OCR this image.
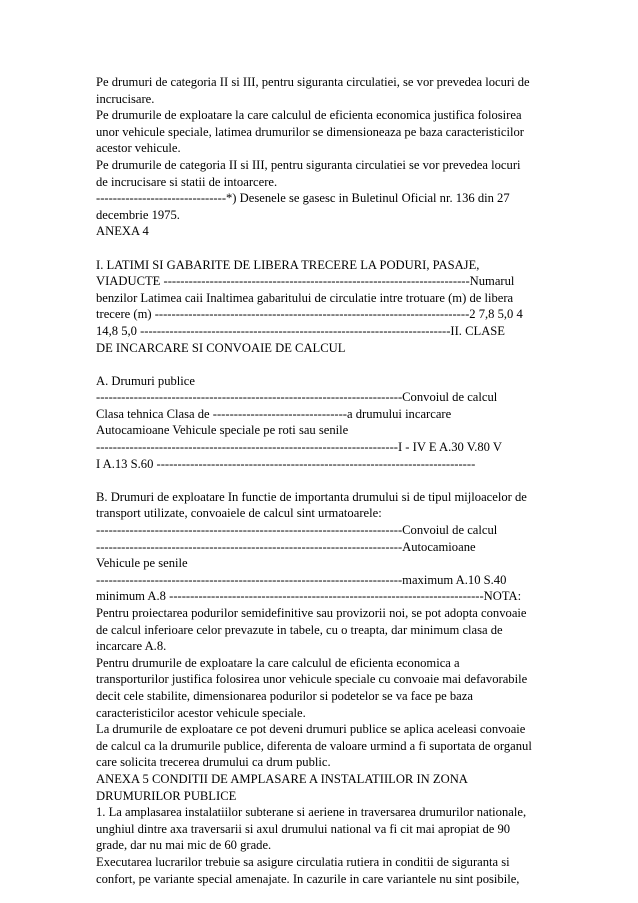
Pe drumuri de categoria II si III, pentru siguranta circulatiei, se vor prevedea locuri de
incrucisare.
Pe drumurile de exploatare la care calculul de eficienta economica justifica folosirea
unor vehicule speciale, latimea drumurilor se dimensioneaza pe baza caracteristicilor
acestor vehicule.
Pe drumurile de categoria II si III, pentru siguranta circulatiei se vor prevedea locuri
de incrucisare si statii de intoarcere.
-------------------------------*) Desenele se gasesc in Buletinul Oficial nr. 136 din 27
decembrie 1975.
ANEXA 4
I. LATIMI SI GABARITE DE LIBERA TRECERE LA PODURI, PASAJE,
VIADUCTE -------------------------------------------------------------------------Numarul
benzilor Latimea caii Inaltimea gabaritului de circulatie intre trotuare (m) de libera
trecere (m) ---------------------------------------------------------------------------2 7,8 5,0 4
14,8 5,0 --------------------------------------------------------------------------II. CLASE
DE INCARCARE SI CONVOAIE DE CALCUL
A. Drumuri publice
-------------------------------------------------------------------------Convoiul de calcul
Clasa tehnica Clasa de --------------------------------a drumului incarcare
Autocamioane Vehicule speciale pe roti sau senile
------------------------------------------------------------------------I - IV E A.30 V.80 V
I A.13 S.60 ----------------------------------------------------------------------------
B. Drumuri de exploatare In functie de importanta drumului si de tipul mijloacelor de
transport utilizate, convoaiele de calcul sint urmatoarele:
-------------------------------------------------------------------------Convoiul de calcul
-------------------------------------------------------------------------Autocamioane
Vehicule pe senile
-------------------------------------------------------------------------maximum A.10 S.40
minimum A.8 ---------------------------------------------------------------------------NOTA:
Pentru proiectarea podurilor semidefinitive sau provizorii noi, se pot adopta convoaie
de calcul inferioare celor prevazute in tabele, cu o treapta, dar minimum clasa de
incarcare A.8.
Pentru drumurile de exploatare la care calculul de eficienta economica a
transporturilor justifica folosirea unor vehicule speciale cu convoaie mai defavorabile
decit cele stabilite, dimensionarea podurilor si podetelor se va face pe baza
caracteristicilor acestor vehicule speciale.
La drumurile de exploatare ce pot deveni drumuri publice se aplica aceleasi convoaie
de calcul ca la drumurile publice, diferenta de valoare urmind a fi suportata de organul
care solicita trecerea drumului ca drum public.
ANEXA 5 CONDITII DE AMPLASARE A INSTALATIILOR IN ZONA
DRUMURILOR PUBLICE
1. La amplasarea instalatiilor subterane si aeriene in traversarea drumurilor nationale,
unghiul dintre axa traversarii si axul drumului national va fi cit mai apropiat de 90
grade, dar nu mai mic de 60 grade.
Executarea lucrarilor trebuie sa asigure circulatia rutiera in conditii de siguranta si
confort, pe variante special amenajate. In cazurile in care variantele nu sint posibile,
